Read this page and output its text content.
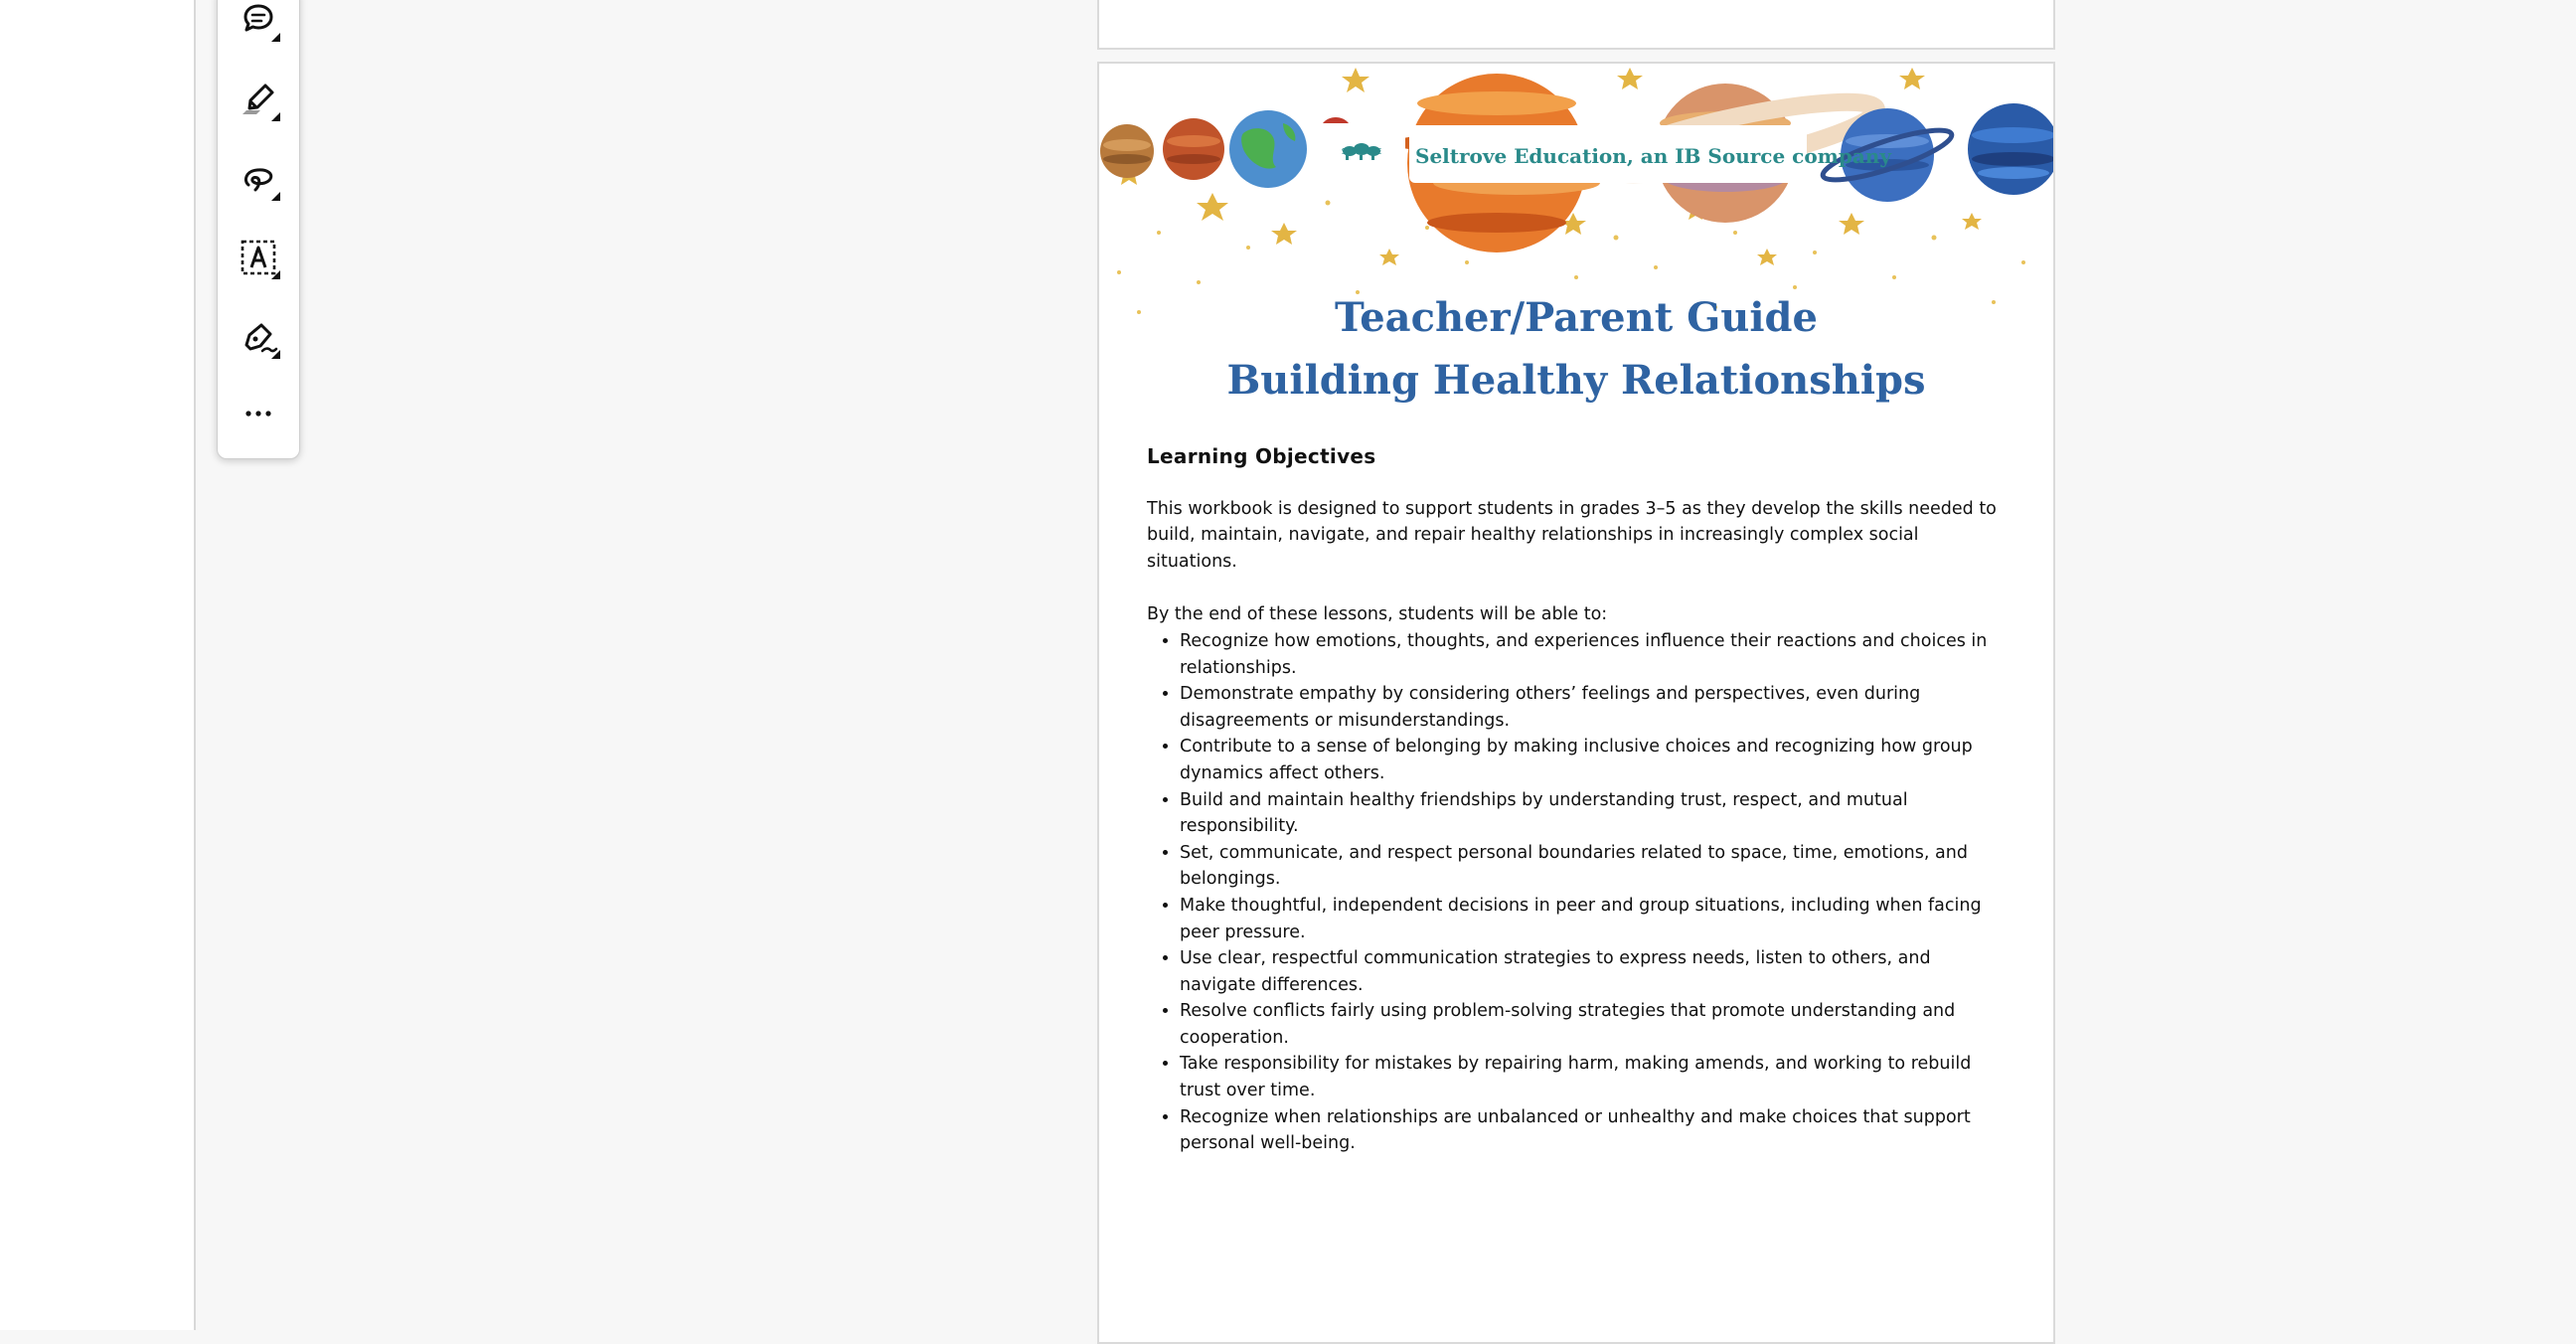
SELTROVE	Seltrove Education, an IB Source company
Teacher/Parent Guide
Building Healthy Relationships
Learning Objectives

This workbook is designed to support students in grades 3–5 as they develop the skills needed to build, maintain, navigate, and repair healthy relationships in increasingly complex social situations.

By the end of these lessons, students will be able to:

• Recognize how emotions, thoughts, and experiences influence their reactions and choices in relationships.
• Demonstrate empathy by considering others’ feelings and perspectives, even during disagreements or misunderstandings.
• Contribute to a sense of belonging by making inclusive choices and recognizing how group dynamics affect others.
• Build and maintain healthy friendships by understanding trust, respect, and mutual responsibility.
• Set, communicate, and respect personal boundaries related to space, time, emotions, and belongings.
• Make thoughtful, independent decisions in peer and group situations, including when facing peer pressure.
• Use clear, respectful communication strategies to express needs, listen to others, and navigate differences.
• Resolve conflicts fairly using problem-solving strategies that promote understanding and cooperation.
• Take responsibility for mistakes by repairing harm, making amends, and working to rebuild trust over time.
• Recognize when relationships are unbalanced or unhealthy and make choices that support personal well-being.
